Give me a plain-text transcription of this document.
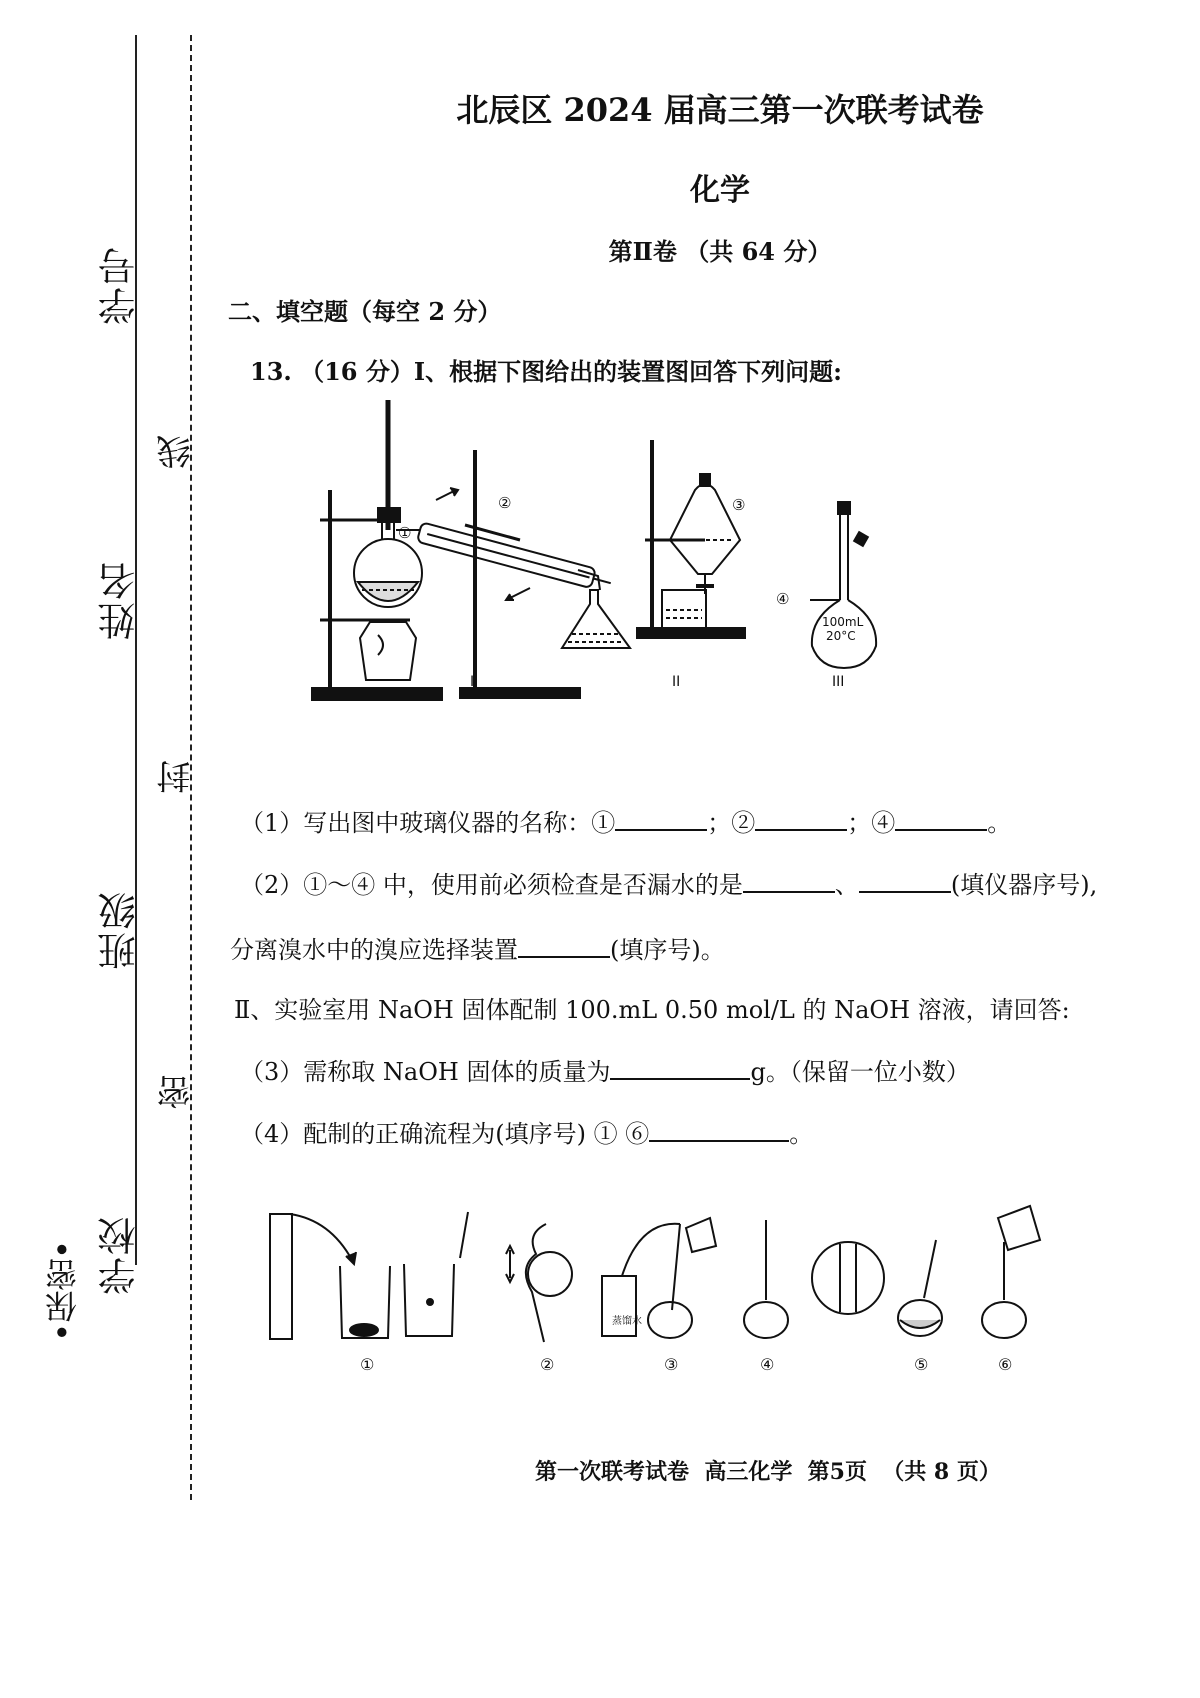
学号
姓名
班级
学校
线
封
密
•保密•
北辰区 2024 届高三第一次联考试卷
化学
第Ⅱ卷 （共 64 分）
二、填空题（每空 2 分）
13. （16 分）Ⅰ、根据下图给出的装置图回答下列问题:
①
②	③
④
100mL
20°C
I	II	III
（1）写出图中玻璃仪器的名称：①	；②	；④	。
（2）①～④ 中，使用前必须检查是否漏水的是	、	(填仪器序号),
分离溴水中的溴应选择装置	(填序号)。
Ⅱ、实验室用 NaOH 固体配制 100.mL 0.50 mol/L 的 NaOH 溶液，请回答:
（3）需称取 NaOH 固体的质量为	g。（保留一位小数）
（4）配制的正确流程为(填序号) ① ⑥	。
蒸馏水
①	②	③	④	⑤	⑥
第一次联考试卷  高三化学  第5页  （共 8 页）
